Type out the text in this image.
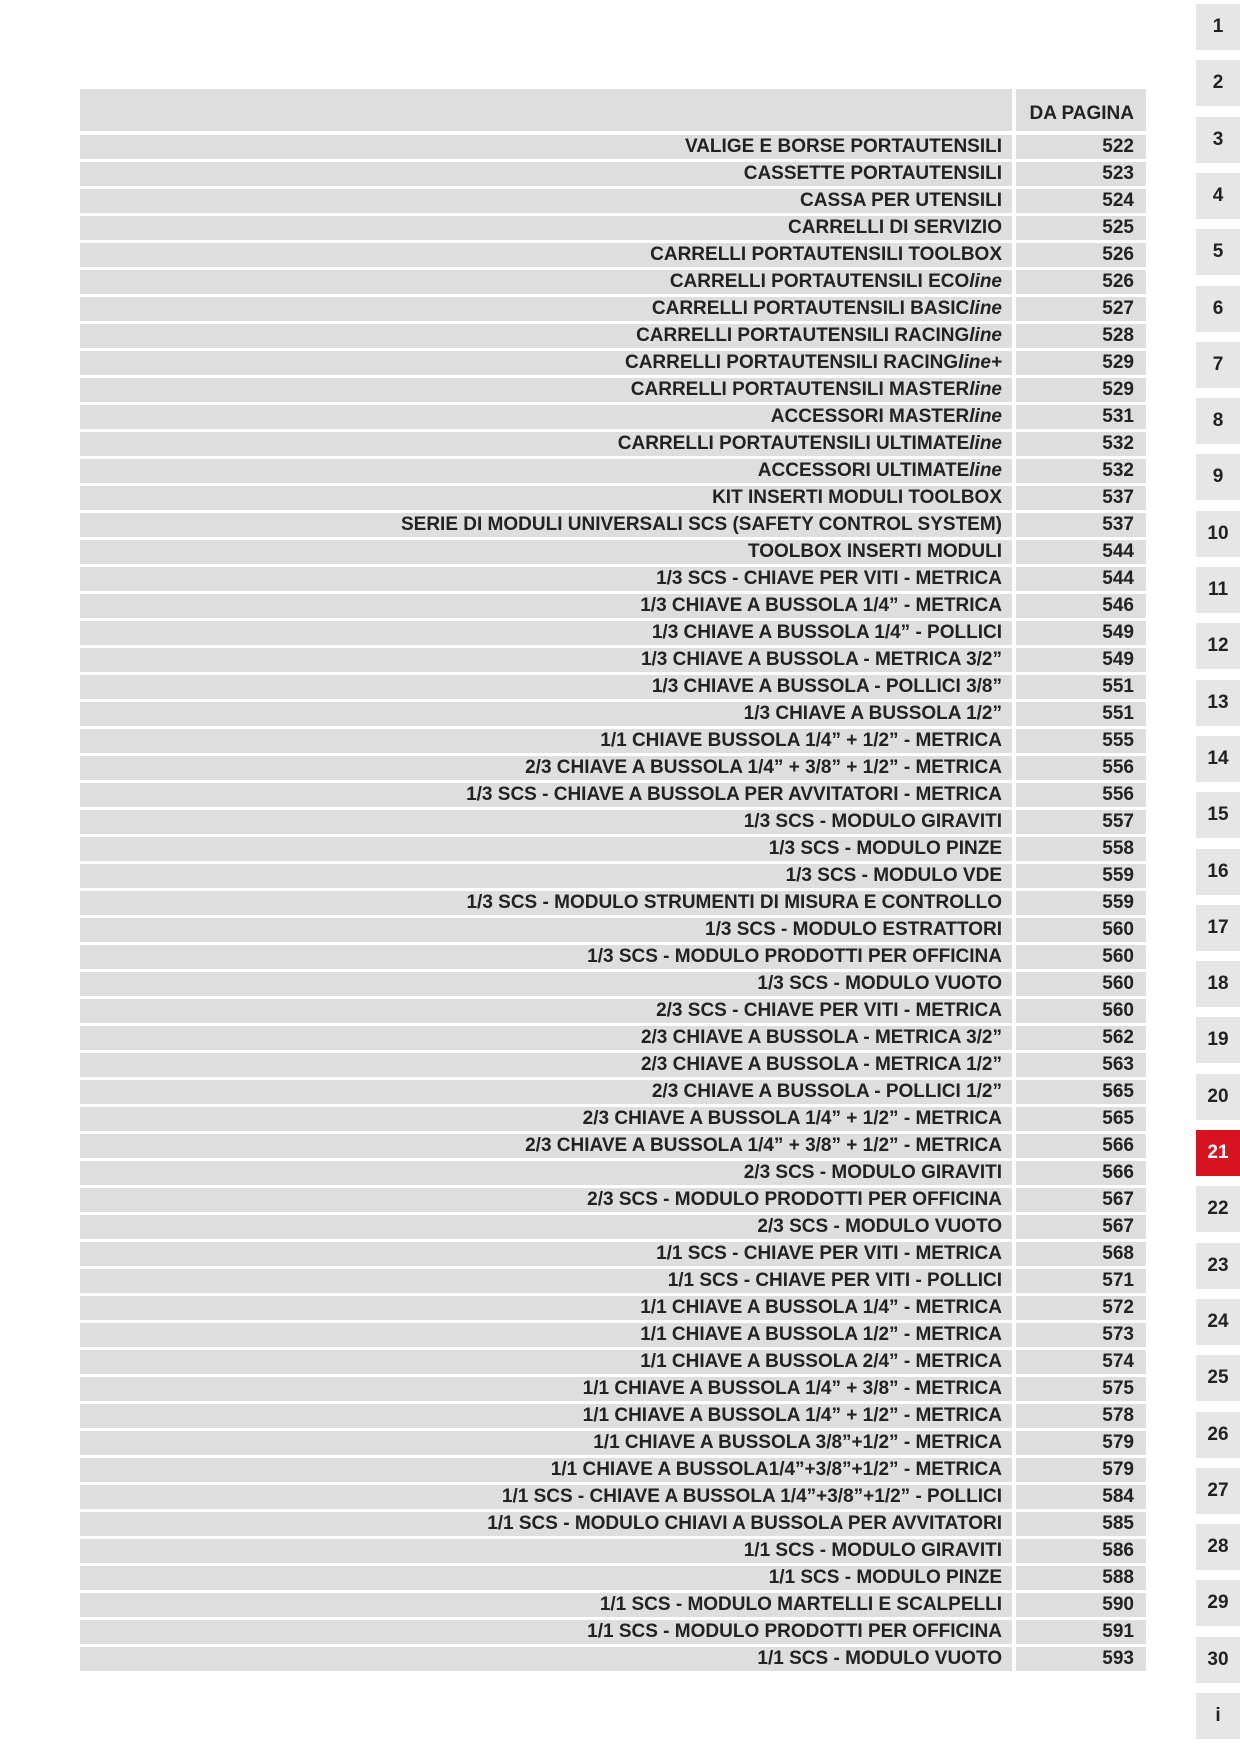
DA PAGINA
VALIGE E BORSE PORTAUTENSILI	522
CASSETTE PORTAUTENSILI	523
CASSA PER UTENSILI	524
CARRELLI DI SERVIZIO	525
CARRELLI PORTAUTENSILI TOOLBOX	526
CARRELLI PORTAUTENSILI ECOline	526
CARRELLI PORTAUTENSILI BASICline	527
CARRELLI PORTAUTENSILI RACINGline	528
CARRELLI PORTAUTENSILI RACINGline+	529
CARRELLI PORTAUTENSILI MASTERline	529
ACCESSORI MASTERline	531
CARRELLI PORTAUTENSILI ULTIMATEline	532
ACCESSORI ULTIMATEline	532
KIT INSERTI MODULI TOOLBOX	537
SERIE DI MODULI UNIVERSALI SCS (SAFETY CONTROL SYSTEM)	537
TOOLBOX INSERTI MODULI	544
1/3 SCS - CHIAVE PER VITI - METRICA	544
1/3 CHIAVE A BUSSOLA 1/4” - METRICA	546
1/3 CHIAVE A BUSSOLA 1/4” - POLLICI	549
1/3 CHIAVE A BUSSOLA - METRICA 3/2”	549
1/3 CHIAVE A BUSSOLA - POLLICI 3/8”	551
1/3 CHIAVE A BUSSOLA 1/2”	551
1/1 CHIAVE BUSSOLA 1/4” + 1/2” - METRICA	555
2/3 CHIAVE A BUSSOLA 1/4” + 3/8” + 1/2” - METRICA	556
1/3 SCS - CHIAVE A BUSSOLA PER AVVITATORI - METRICA	556
1/3 SCS - MODULO GIRAVITI	557
1/3 SCS - MODULO PINZE	558
1/3 SCS - MODULO VDE	559
1/3 SCS - MODULO STRUMENTI DI MISURA E CONTROLLO	559
1/3 SCS - MODULO ESTRATTORI	560
1/3 SCS - MODULO PRODOTTI PER OFFICINA	560
1/3 SCS - MODULO VUOTO	560
2/3 SCS - CHIAVE PER VITI - METRICA	560
2/3 CHIAVE A BUSSOLA - METRICA 3/2”	562
2/3 CHIAVE A BUSSOLA - METRICA 1/2”	563
2/3 CHIAVE A BUSSOLA - POLLICI 1/2”	565
2/3 CHIAVE A BUSSOLA 1/4” + 1/2” - METRICA	565
2/3 CHIAVE A BUSSOLA 1/4” + 3/8” + 1/2” - METRICA	566
2/3 SCS - MODULO GIRAVITI	566
2/3 SCS - MODULO PRODOTTI PER OFFICINA	567
2/3 SCS - MODULO VUOTO	567
1/1 SCS - CHIAVE PER VITI - METRICA	568
1/1 SCS - CHIAVE PER VITI - POLLICI	571
1/1 CHIAVE A BUSSOLA 1/4” - METRICA	572
1/1 CHIAVE A BUSSOLA 1/2” - METRICA	573
1/1 CHIAVE A BUSSOLA 2/4” - METRICA	574
1/1 CHIAVE A BUSSOLA 1/4” + 3/8” - METRICA	575
1/1 CHIAVE A BUSSOLA 1/4” + 1/2” - METRICA	578
1/1 CHIAVE A BUSSOLA 3/8”+1/2” - METRICA	579
1/1 CHIAVE A BUSSOLA1/4”+3/8”+1/2” - METRICA	579
1/1 SCS - CHIAVE A BUSSOLA 1/4”+3/8”+1/2” - POLLICI	584
1/1 SCS - MODULO CHIAVI A BUSSOLA PER AVVITATORI	585
1/1 SCS - MODULO GIRAVITI	586
1/1 SCS - MODULO PINZE	588
1/1 SCS - MODULO MARTELLI E SCALPELLI	590
1/1 SCS - MODULO PRODOTTI PER OFFICINA	591
1/1 SCS - MODULO VUOTO	593
1
2
3
4
5
6
7
8
9
10
11
12
13
14
15
16
17
18
19
20
21
22
23
24
25
26
27
28
29
30
i
